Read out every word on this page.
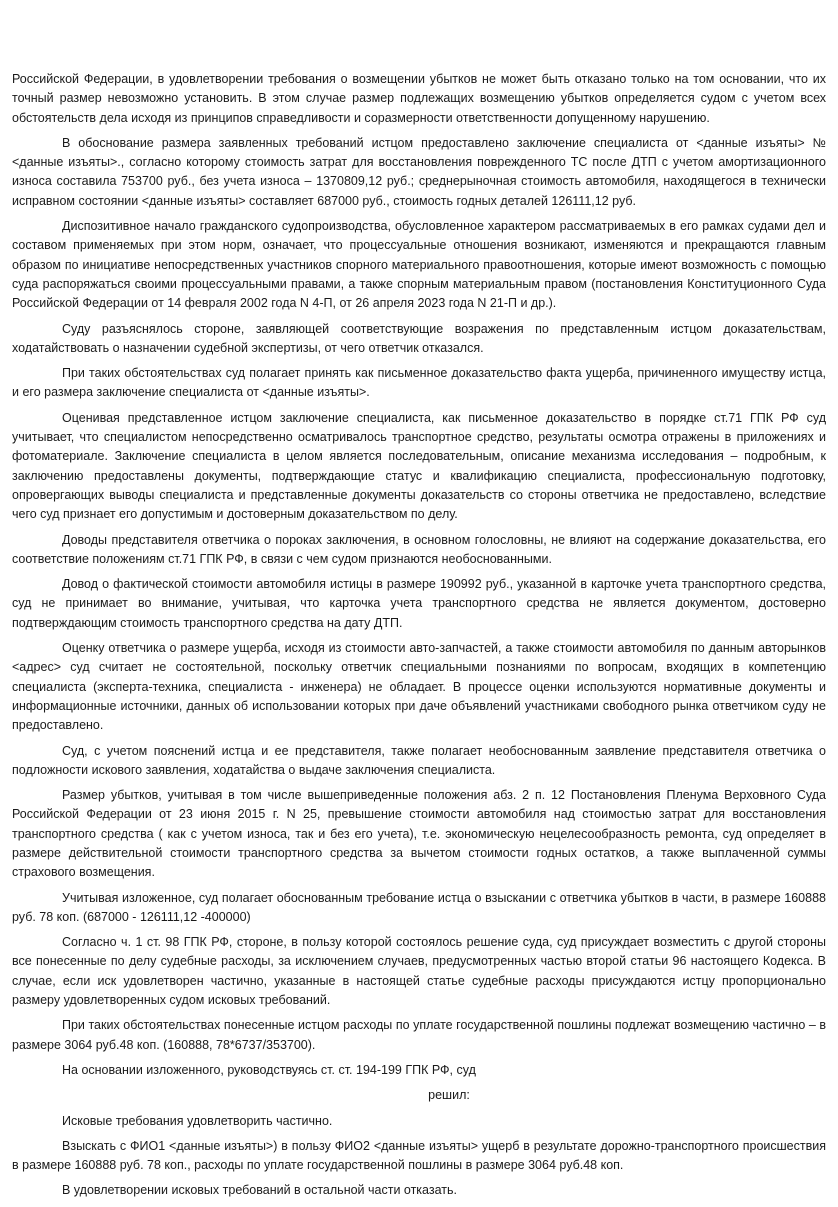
Российской Федерации, в удовлетворении требования о возмещении убытков не может быть отказано только на том основании, что их точный размер невозможно установить. В этом случае размер подлежащих возмещению убытков определяется судом с учетом всех обстоятельств дела исходя из принципов справедливости и соразмерности ответственности допущенному нарушению.

В обоснование размера заявленных требований истцом предоставлено заключение специалиста от <данные изъяты> № <данные изъяты>., согласно которому стоимость затрат для восстановления поврежденного ТС после ДТП с учетом амортизационного износа составила 753700 руб., без учета износа – 1370809,12 руб.; среднерыночная стоимость автомобиля, находящегося в технически исправном состоянии <данные изъяты> составляет 687000 руб., стоимость годных деталей 126111,12 руб.

Диспозитивное начало гражданского судопроизводства, обусловленное характером рассматриваемых в его рамках судами дел и составом применяемых при этом норм, означает, что процессуальные отношения возникают, изменяются и прекращаются главным образом по инициативе непосредственных участников спорного материального правоотношения, которые имеют возможность с помощью суда распоряжаться своими процессуальными правами, а также спорным материальным правом (постановления Конституционного Суда Российской Федерации от 14 февраля 2002 года N 4-П, от 26 апреля 2023 года N 21-П и др.).

Суду разъяснялось стороне, заявляющей соответствующие возражения по представленным истцом доказательствам, ходатайствовать о назначении судебной экспертизы, от чего ответчик отказался.

При таких обстоятельствах суд полагает принять как письменное доказательство факта ущерба, причиненного имуществу истца, и его размера заключение специалиста от <данные изъяты>.

Оценивая представленное истцом заключение специалиста, как письменное доказательство в порядке ст.71 ГПК РФ суд учитывает, что специалистом непосредственно осматривалось транспортное средство, результаты осмотра отражены в приложениях и фотоматериале. Заключение специалиста в целом является последовательным, описание механизма исследования – подробным, к заключению предоставлены документы, подтверждающие статус и квалификацию специалиста, профессиональную подготовку, опровергающих выводы специалиста и представленные документы доказательств со стороны ответчика не предоставлено, вследствие чего суд признает его допустимым и достоверным доказательством по делу.

Доводы представителя ответчика о пороках заключения, в основном голословны, не влияют на содержание доказательства, его соответствие положениям ст.71 ГПК РФ, в связи с чем судом признаются необоснованными.

Довод о фактической стоимости автомобиля истицы в размере 190992 руб., указанной в карточке учета транспортного средства, суд не принимает во внимание, учитывая, что карточка учета транспортного средства не является документом, достоверно подтверждающим стоимость транспортного средства на дату ДТП.

Оценку ответчика о размере ущерба, исходя из стоимости авто-запчастей, а также стоимости автомобиля по данным авторынков <адрес> суд считает не состоятельной, поскольку ответчик специальными познаниями по вопросам, входящих в компетенцию специалиста (эксперта-техника, специалиста - инженера) не обладает. В процессе оценки используются нормативные документы и информационные источники, данных об использовании которых при даче объявлений участниками свободного рынка ответчиком суду не предоставлено.

Суд, с учетом пояснений истца и ее представителя, также полагает необоснованным заявление представителя ответчика о подложности искового заявления, ходатайства о выдаче заключения специалиста.

Размер убытков, учитывая в том числе вышеприведенные положения абз. 2 п. 12 Постановления Пленума Верховного Суда Российской Федерации от 23 июня 2015 г. N 25, превышение стоимости автомобиля над стоимостью затрат для восстановления транспортного средства ( как с учетом износа, так и без его учета), т.е. экономическую нецелесообразность ремонта, суд определяет в размере действительной стоимости транспортного средства за вычетом стоимости годных остатков, а также выплаченной суммы страхового возмещения.

Учитывая изложенное, суд полагает обоснованным требование истца о взыскании с ответчика убытков в части, в размере 160888 руб. 78 коп. (687000 - 126111,12 -400000)

Согласно ч. 1 ст. 98 ГПК РФ, стороне, в пользу которой состоялось решение суда, суд присуждает возместить с другой стороны все понесенные по делу судебные расходы, за исключением случаев, предусмотренных частью второй статьи 96 настоящего Кодекса. В случае, если иск удовлетворен частично, указанные в настоящей статье судебные расходы присуждаются истцу пропорционально размеру удовлетворенных судом исковых требований.

При таких обстоятельствах понесенные истцом расходы по уплате государственной пошлины подлежат возмещению частично – в размере 3064 руб.48 коп. (160888, 78*6737/353700).

На основании изложенного, руководствуясь ст. ст. 194-199 ГПК РФ, суд

решил:

Исковые требования удовлетворить частично.

Взыскать с ФИО1 <данные изъяты>) в пользу ФИО2 <данные изъяты> ущерб в результате дорожно-транспортного происшествия в размере 160888 руб. 78 коп., расходы по уплате государственной пошлины в размере 3064 руб.48 коп.

В удовлетворении исковых требований в остальной части отказать.
